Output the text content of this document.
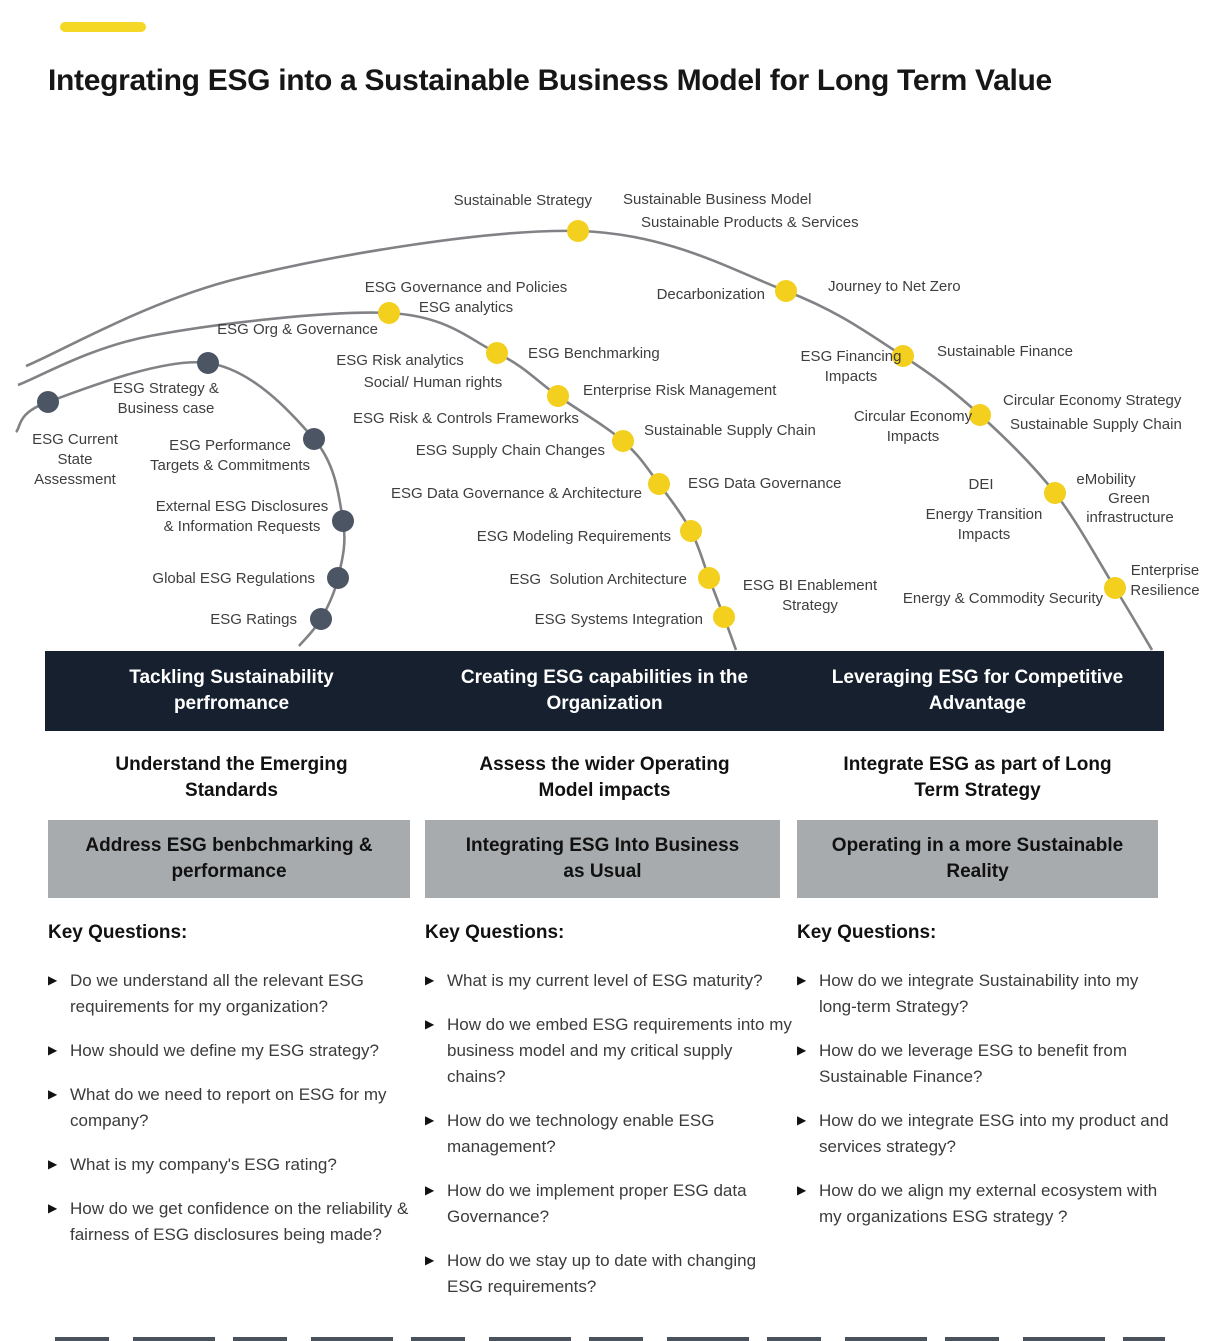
Integrating ESG into a Sustainable Business Model for Long Term Value
ESG Current
State
Assessment
ESG Strategy &
Business case
ESG Performance
Targets & Commitments
External ESG Disclosures
& Information Requests
Global ESG Regulations
ESG Ratings
ESG Governance and Policies
ESG analytics
ESG Org & Governance
ESG Risk analytics
Social/ Human rights
ESG Benchmarking
Enterprise Risk Management
ESG Risk & Controls Frameworks
ESG Supply Chain Changes
Sustainable Supply Chain
ESG Data Governance & Architecture
ESG Data Governance
ESG Modeling Requirements
ESG  Solution Architecture	ESG BI Enablement
Strategy
ESG Systems Integration
Sustainable Strategy Sustainable Business Model
Sustainable Products & Services
Decarbonization	Journey to Net Zero
ESG Financing
Impacts
Sustainable Finance
Circular Economy
Impacts
Circular Economy Strategy
Sustainable Supply Chain
DEI
Energy Transition
Impacts
eMobility
Green
infrastructure
Enterprise
Resilience
Energy & Commodity Security
Tackling Sustainability
perfromance
Creating ESG capabilities in the
Organization
Leveraging ESG for Competitive
Advantage
Understand the Emerging
Standards
Assess the wider Operating
Model impacts
Integrate ESG as part of Long
Term Strategy
Address ESG benbchmarking &
performance
Integrating ESG Into Business
as Usual
Operating in a more Sustainable
Reality
Key Questions:
▶ Do we understand all the relevant ESG requirements for my organization?
▶ How should we define my ESG strategy?
▶ What do we need to report on ESG for my company?
▶ What is my company's ESG rating?
▶ How do we get confidence on the reliability & fairness of ESG disclosures being made?
Key Questions:
▶ What is my current level of ESG maturity?
▶ How do we embed ESG requirements into my business model and my critical supply chains?
▶ How do we technology enable ESG management?
▶ How do we implement proper ESG data Governance?
▶ How do we stay up to date with changing ESG requirements?
Key Questions:
▶ How do we integrate Sustainability into my long-term Strategy?
▶ How do we leverage ESG to benefit from Sustainable Finance?
▶ How do we integrate ESG into my product and services strategy?
▶ How do we align my external ecosystem with my organizations ESG strategy ?
